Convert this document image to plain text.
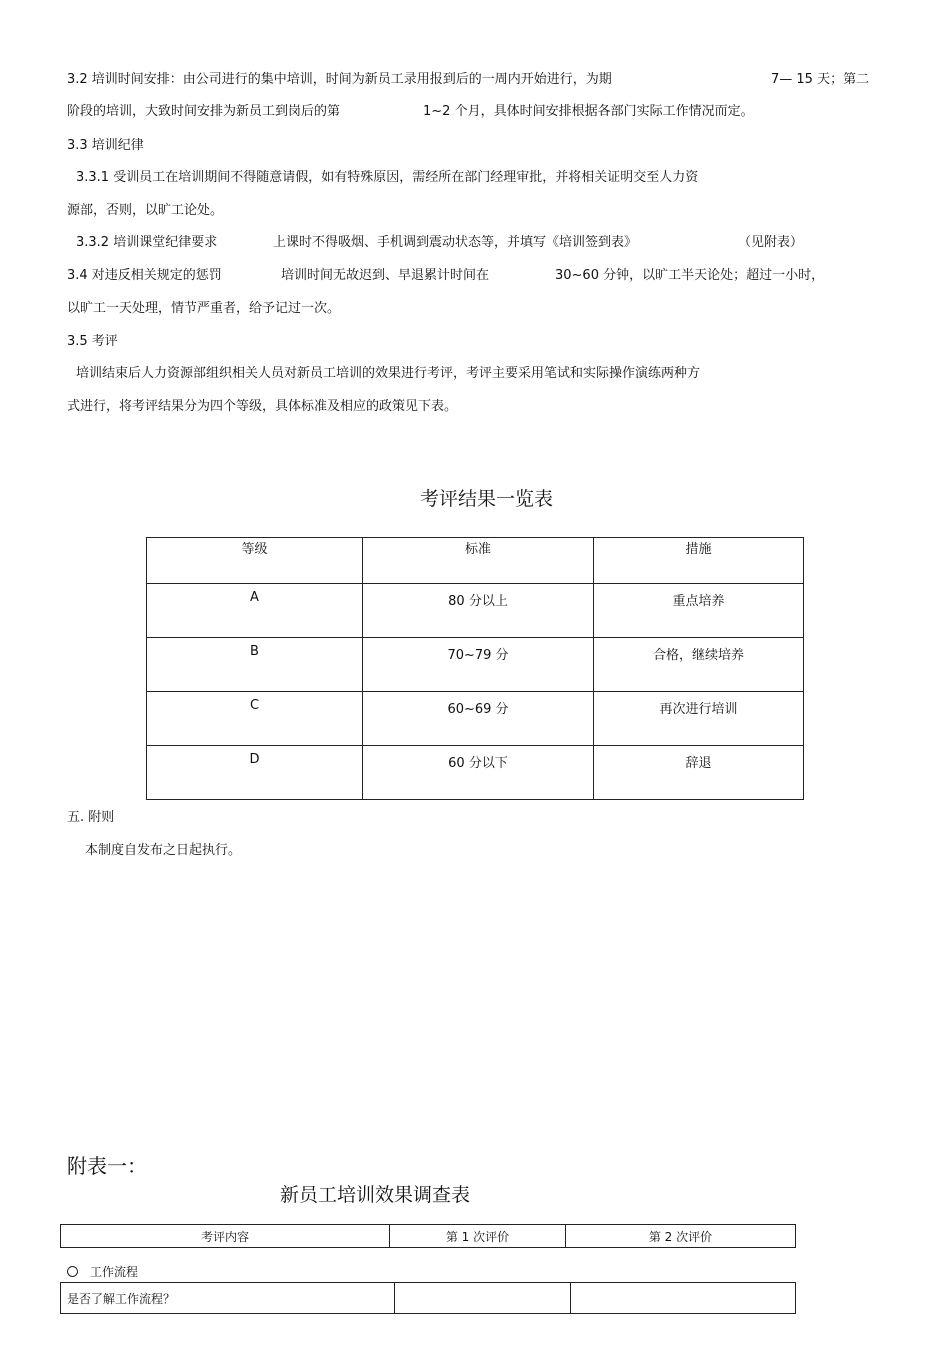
3.2 培训时间安排：由公司进行的集中培训，时间为新员工录用报到后的一周内开始进行，为期	7— 15 天；第二
阶段的培训，大致时间安排为新员工到岗后的第	1~2 个月，具体时间安排根据各部门实际工作情况而定。
3.3 培训纪律
3.3.1 受训员工在培训期间不得随意请假，如有特殊原因，需经所在部门经理审批，并将相关证明交至人力资
源部，否则，以旷工论处。
3.3.2 培训课堂纪律要求	上课时不得吸烟、手机调到震动状态等，并填写《培训签到表》	（见附表）
3.4 对违反相关规定的惩罚	培训时间无故迟到、早退累计时间在	30~60 分钟，以旷工半天论处；超过一小时，
以旷工一天处理，情节严重者，给予记过一次。
3.5 考评
培训结束后人力资源部组织相关人员对新员工培训的效果进行考评，考评主要采用笔试和实际操作演练两种方
式进行，将考评结果分为四个等级，具体标准及相应的政策见下表。
考评结果一览表
等级	标准	措施
A	80 分以上	重点培养
B	70~79 分	合格，继续培养
C	60~69 分	再次进行培训
D	60 分以下	辞退
五. 附则
本制度自发布之日起执行。
附表一：
新员工培训效果调查表
考评内容	第 1 次评价	第 2 次评价
工作流程
是否了解工作流程？		
